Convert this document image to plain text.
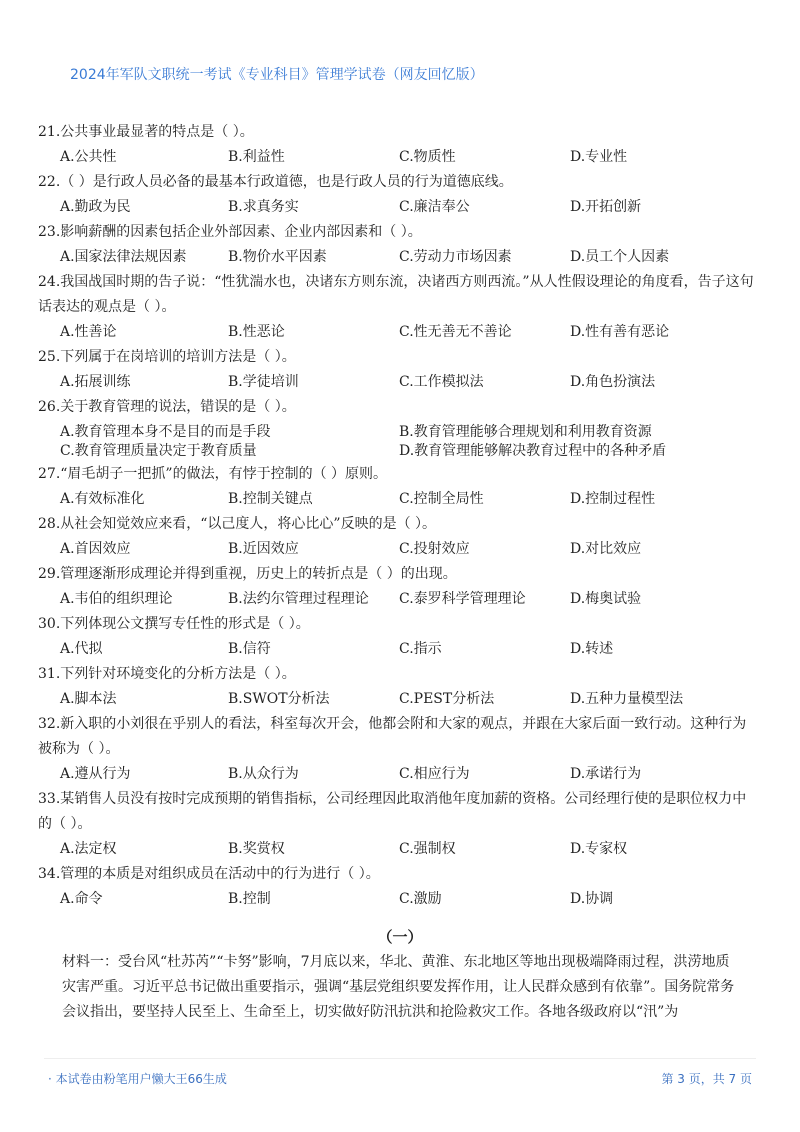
2024年军队文职统一考试《专业科目》管理学试卷（网友回忆版）
21.公共事业最显著的特点是（ ）。
A.公共性	B.利益性	C.物质性	D.专业性
22.（ ）是行政人员必备的最基本行政道德，也是行政人员的行为道德底线。
A.勤政为民	B.求真务实	C.廉洁奉公	D.开拓创新
23.影响薪酬的因素包括企业外部因素、企业内部因素和（ ）。
A.国家法律法规因素	B.物价水平因素	C.劳动力市场因素	D.员工个人因素
24.我国战国时期的告子说：“性犹湍水也，决诸东方则东流，决诸西方则西流。”从人性假设理论的角度看，告子这句话表达的观点是（ ）。
A.性善论	B.性恶论	C.性无善无不善论	D.性有善有恶论
25.下列属于在岗培训的培训方法是（ ）。
A.拓展训练	B.学徒培训	C.工作模拟法	D.角色扮演法
26.关于教育管理的说法，错误的是（ ）。
A.教育管理本身不是目的而是手段	B.教育管理能够合理规划和利用教育资源
C.教育管理质量决定于教育质量	D.教育管理能够解决教育过程中的各种矛盾
27.“眉毛胡子一把抓”的做法，有悖于控制的（ ）原则。
A.有效标准化	B.控制关键点	C.控制全局性	D.控制过程性
28.从社会知觉效应来看，“以己度人，将心比心”反映的是（ ）。
A.首因效应	B.近因效应	C.投射效应	D.对比效应
29.管理逐渐形成理论并得到重视，历史上的转折点是（ ）的出现。
A.韦伯的组织理论	B.法约尔管理过程理论 C.泰罗科学管理理论	D.梅奥试验
30.下列体现公文撰写专任性的形式是（ ）。
A.代拟	B.信符	C.指示	D.转述
31.下列针对环境变化的分析方法是（ ）。
A.脚本法	B.SWOT分析法	C.PEST分析法	D.五种力量模型法
32.新入职的小刘很在乎别人的看法，科室每次开会，他都会附和大家的观点，并跟在大家后面一致行动。这种行为被称为（ ）。
A.遵从行为	B.从众行为	C.相应行为	D.承诺行为
33.某销售人员没有按时完成预期的销售指标，公司经理因此取消他年度加薪的资格。公司经理行使的是职位权力中的（ ）。
A.法定权	B.奖赏权	C.强制权	D.专家权
34.管理的本质是对组织成员在活动中的行为进行（ ）。
A.命令	B.控制	C.激励	D.协调
（一）
材料一：受台风“杜苏芮”“卡努”影响，7月底以来，华北、黄淮、东北地区等地出现极端降雨过程，洪涝地质灾害严重。习近平总书记做出重要指示，强调“基层党组织要发挥作用，让人民群众感到有依靠”。国务院常务会议指出，要坚持人民至上、生命至上，切实做好防汛抗洪和抢险救灾工作。各地各级政府以“汛”为
· 本试卷由粉笔用户懒大王66生成	第 3 页，共 7 页
